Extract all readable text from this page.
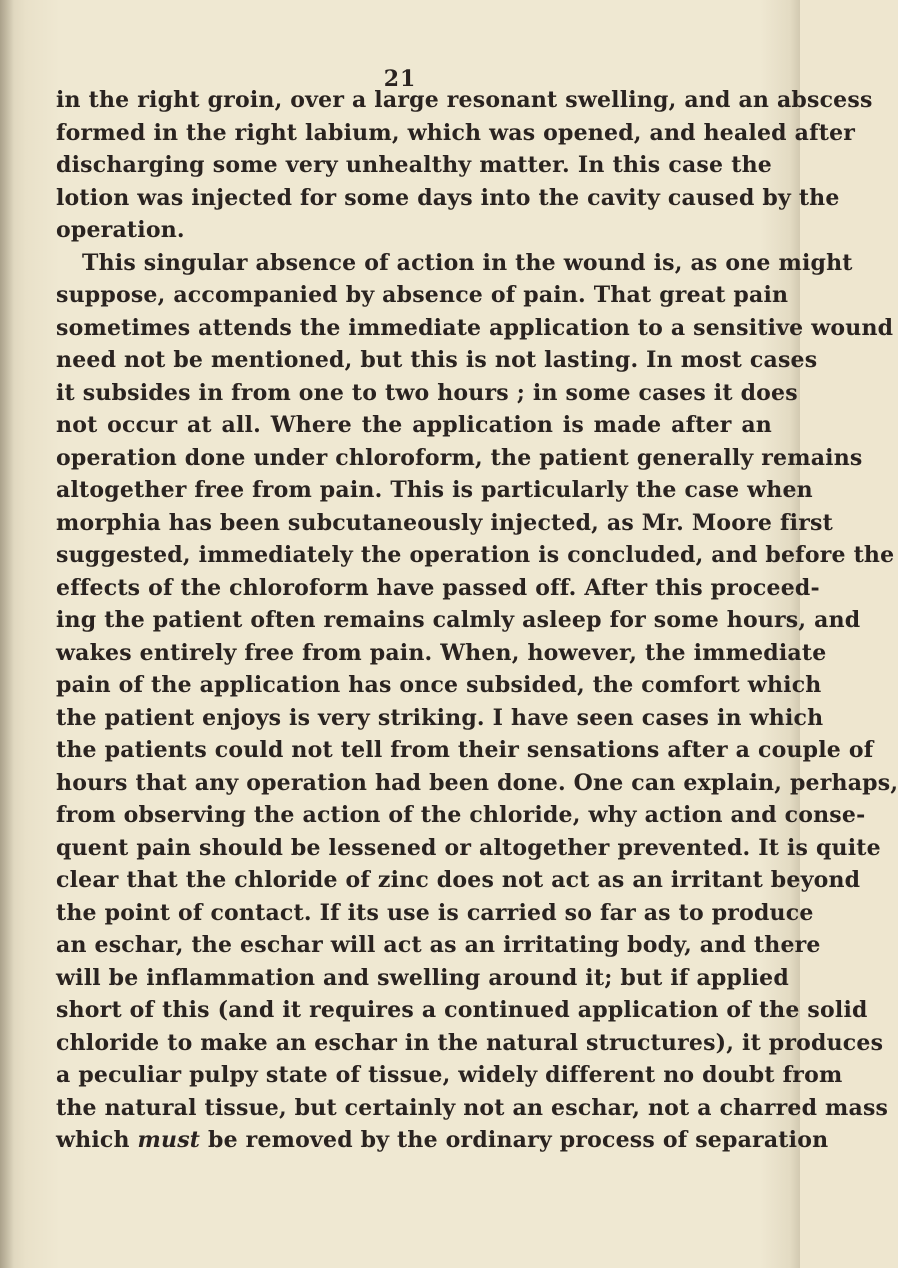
21
in the right groin, over a large resonant swelling, and an abscess
formed in the right labium, which was opened, and healed after
discharging some very unhealthy matter. In this case the
lotion was injected for some days into the cavity caused by the
operation.
This singular absence of action in the wound is, as one might
suppose, accompanied by absence of pain. That great pain
sometimes attends the immediate application to a sensitive wound
need not be mentioned, but this is not lasting. In most cases
it subsides in from one to two hours ; in some cases it does
not occur at all. Where the application is made after an
operation done under chloroform, the patient generally remains
altogether free from pain. This is particularly the case when
morphia has been subcutaneously injected, as Mr. Moore first
suggested, immediately the operation is concluded, and before the
effects of the chloroform have passed off. After this proceed-
ing the patient often remains calmly asleep for some hours, and
wakes entirely free from pain. When, however, the immediate
pain of the application has once subsided, the comfort which
the patient enjoys is very striking. I have seen cases in which
the patients could not tell from their sensations after a couple of
hours that any operation had been done. One can explain, perhaps,
from observing the action of the chloride, why action and conse-
quent pain should be lessened or altogether prevented. It is quite
clear that the chloride of zinc does not act as an irritant beyond
the point of contact. If its use is carried so far as to produce
an eschar, the eschar will act as an irritating body, and there
will be inflammation and swelling around it; but if applied
short of this (and it requires a continued application of the solid
chloride to make an eschar in the natural structures), it produces
a peculiar pulpy state of tissue, widely different no doubt from
the natural tissue, but certainly not an eschar, not a charred mass
which must be removed by the ordinary process of separation
